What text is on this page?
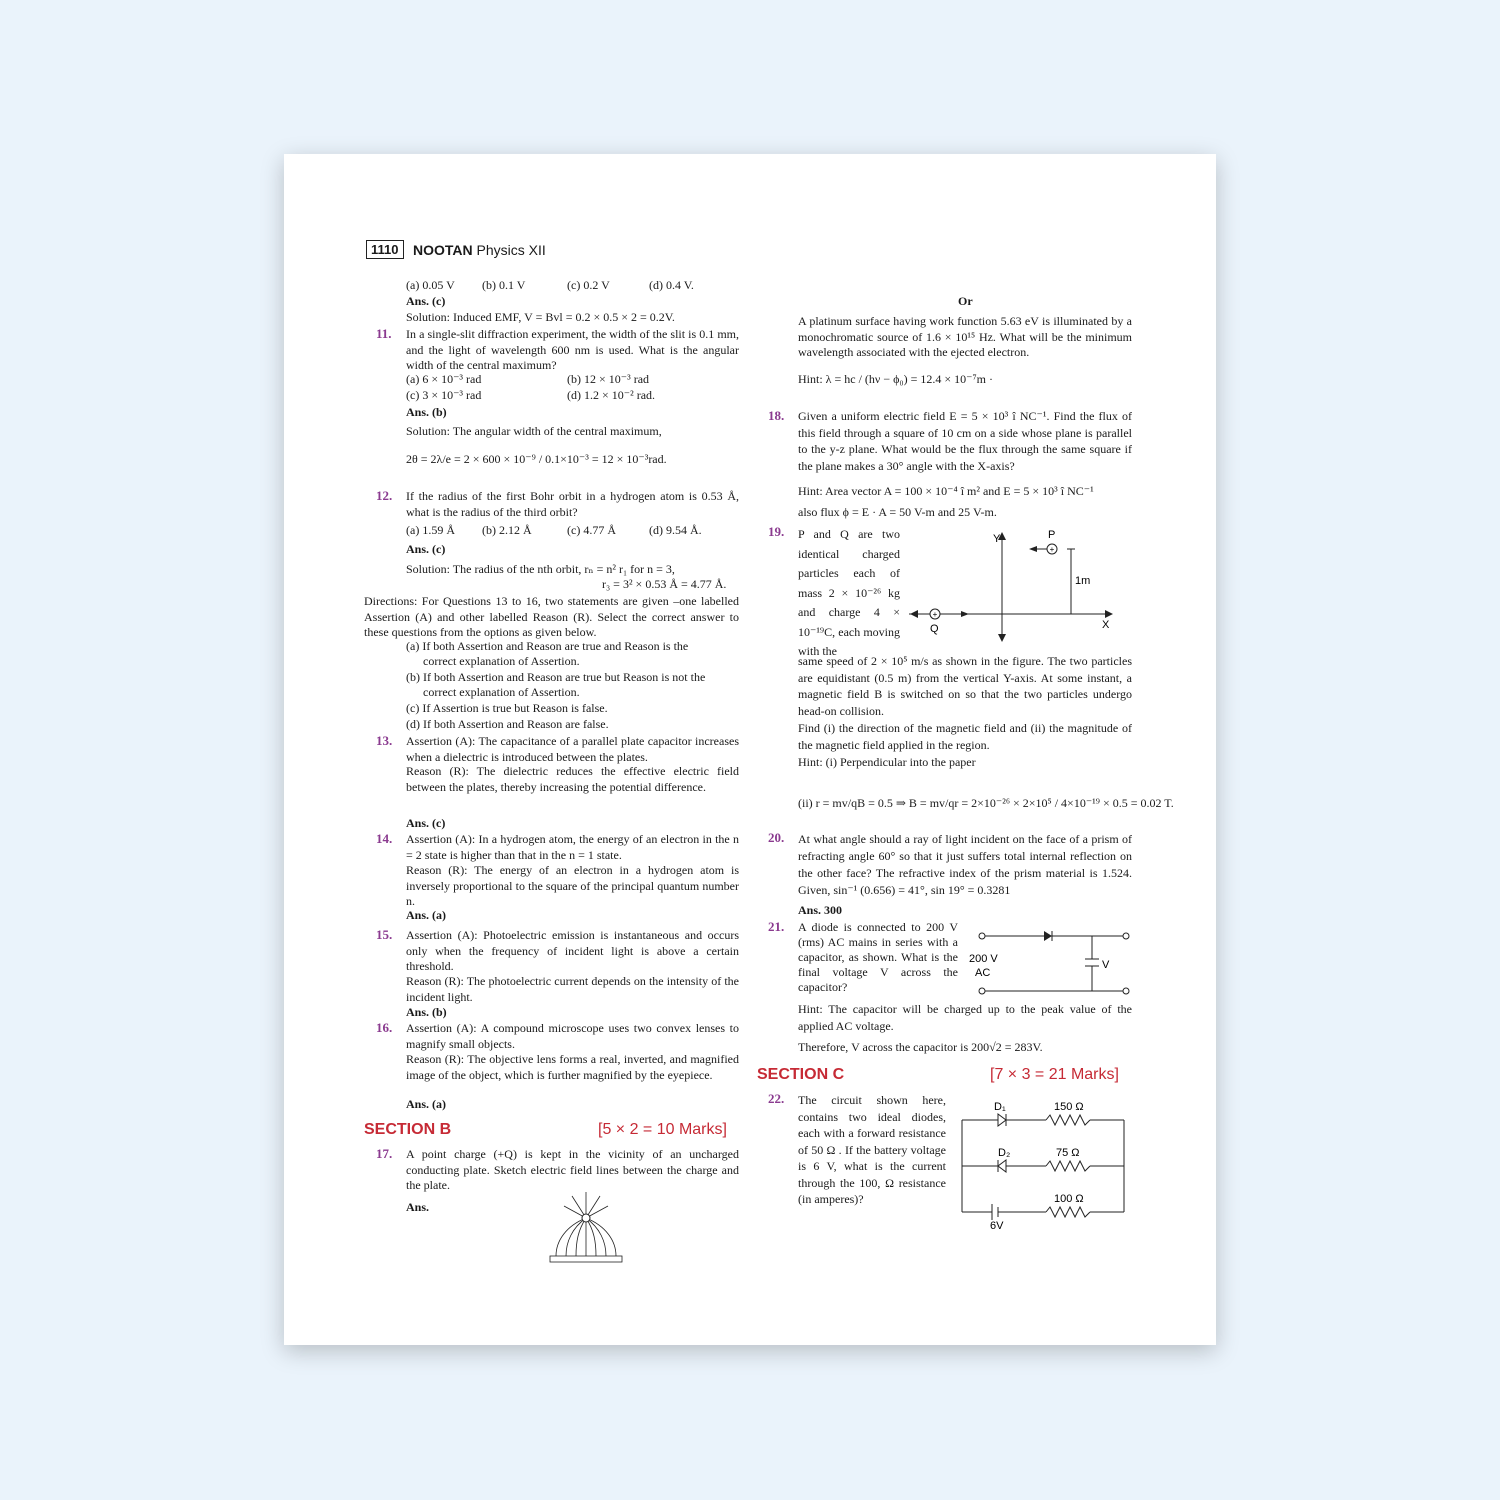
1110	NOOTAN Physics XII
(a) 0.05 V (b) 0.1 V	(c) 0.2 V	(d) 0.4 V.
Ans. (c)
Solution: Induced EMF, V = Bvl = 0.2 × 0.5 × 2 = 0.2V.
11. In a single-slit diffraction experiment, the width of the slit is 0.1 mm, and the light of wavelength 600 nm is used. What is the angular width of the central maximum?
(a) 6 × 10⁻³ rad	(b) 12 × 10⁻³ rad
(c) 3 × 10⁻³ rad	(d) 1.2 × 10⁻² rad.
Ans. (b)
Solution: The angular width of the central maximum,
2θ = 2λ/e = 2 × 600 × 10⁻⁹ / 0.1×10⁻³ = 12 × 10⁻³rad.
12. If the radius of the first Bohr orbit in a hydrogen atom is 0.53 Å, what is the radius of the third orbit?
(a) 1.59 Å (b) 2.12 Å	(c) 4.77 Å	(d) 9.54 Å.
Ans. (c)
Solution: The radius of the nth orbit, rₙ = n² r₁ for n = 3,
r₃ = 3² × 0.53 Å = 4.77 Å.
Directions: For Questions 13 to 16, two statements are given –one labelled Assertion (A) and other labelled Reason (R). Select the correct answer to these questions from the options as given below.
(a) If both Assertion and Reason are true and Reason is the
correct explanation of Assertion.
(b) If both Assertion and Reason are true but Reason is not the
correct explanation of Assertion.
(c) If Assertion is true but Reason is false.
(d) If both Assertion and Reason are false.
13. Assertion (A): The capacitance of a parallel plate capacitor increases when a dielectric is introduced between the plates.
Reason (R): The dielectric reduces the effective electric field between the plates, thereby increasing the potential difference.
Ans. (c)
14. Assertion (A): In a hydrogen atom, the energy of an electron in the n = 2 state is higher than that in the n = 1 state.
Reason (R): The energy of an electron in a hydrogen atom is inversely proportional to the square of the principal quantum number n.
Ans. (a)
15. Assertion (A): Photoelectric emission is instantaneous and occurs only when the frequency of incident light is above a certain threshold.
Reason (R): The photoelectric current depends on the intensity of the incident light.
Ans. (b)
16. Assertion (A): A compound microscope uses two convex lenses to magnify small objects.
Reason (R): The objective lens forms a real, inverted, and magnified image of the object, which is further magnified by the eyepiece.
Ans. (a)
SECTION B	[5 × 2 = 10 Marks]
17. A point charge (+Q) is kept in the vicinity of an uncharged conducting plate. Sketch electric field lines between the charge and the plate.
Ans.
Or
A platinum surface having work function 5.63 eV is illuminated by a monochromatic source of 1.6 × 10¹⁵ Hz. What will be the minimum wavelength associated with the ejected electron.
Hint: λ = hc / (hν − ϕ₀) = 12.4 × 10⁻⁷m ·
18. Given a uniform electric field E = 5 × 10³ î NC⁻¹. Find the flux of this field through a square of 10 cm on a side whose plane is parallel to the y-z plane. What would be the flux through the same square if the plane makes a 30° angle with the X-axis?
Hint: Area vector A = 100 × 10⁻⁴ î m² and E = 5 × 10³ î NC⁻¹
also flux ϕ = E · A = 50 V-m and 25 V-m.
19. P and Q are two identical charged particles each of mass 2 × 10⁻²⁶ kg and charge 4 × 10⁻¹⁹C, each moving with the
same speed of 2 × 10⁵ m/s as shown in the figure. The two particles are equidistant (0.5 m) from the vertical Y-axis. At some instant, a magnetic field B is switched on so that the two particles undergo head-on collision.
Find (i) the direction of the magnetic field and (ii) the magnitude of the magnetic field applied in the region.
Hint: (i) Perpendicular into the paper
(ii) r = mv/qB = 0.5 ⇒ B = mv/qr = 2×10⁻²⁶ × 2×10⁵ / 4×10⁻¹⁹ × 0.5 = 0.02 T.
+
+
Y
X
P
Q
1m
20. At what angle should a ray of light incident on the face of a prism of refracting angle 60° so that it just suffers total internal reflection on the other face? The refractive index of the prism material is 1.524. Given, sin⁻¹ (0.656) = 41°, sin 19° = 0.3281
Ans. 300
21. A diode is connected to 200 V (rms) AC mains in series with a capacitor, as shown. What is the final voltage V across the capacitor?
Hint: The capacitor will be charged up to the peak value of the applied AC voltage.
Therefore, V across the capacitor is 200√2 = 283V.
200 V
AC
V
SECTION C	[7 × 3 = 21 Marks]
22. The circuit shown here, contains two ideal diodes, each with a forward resistance of 50 Ω . If the battery voltage is 6 V, what is the current through the 100, Ω resistance (in amperes)?
D₁
D₂
150 Ω
75 Ω
100 Ω
6V
